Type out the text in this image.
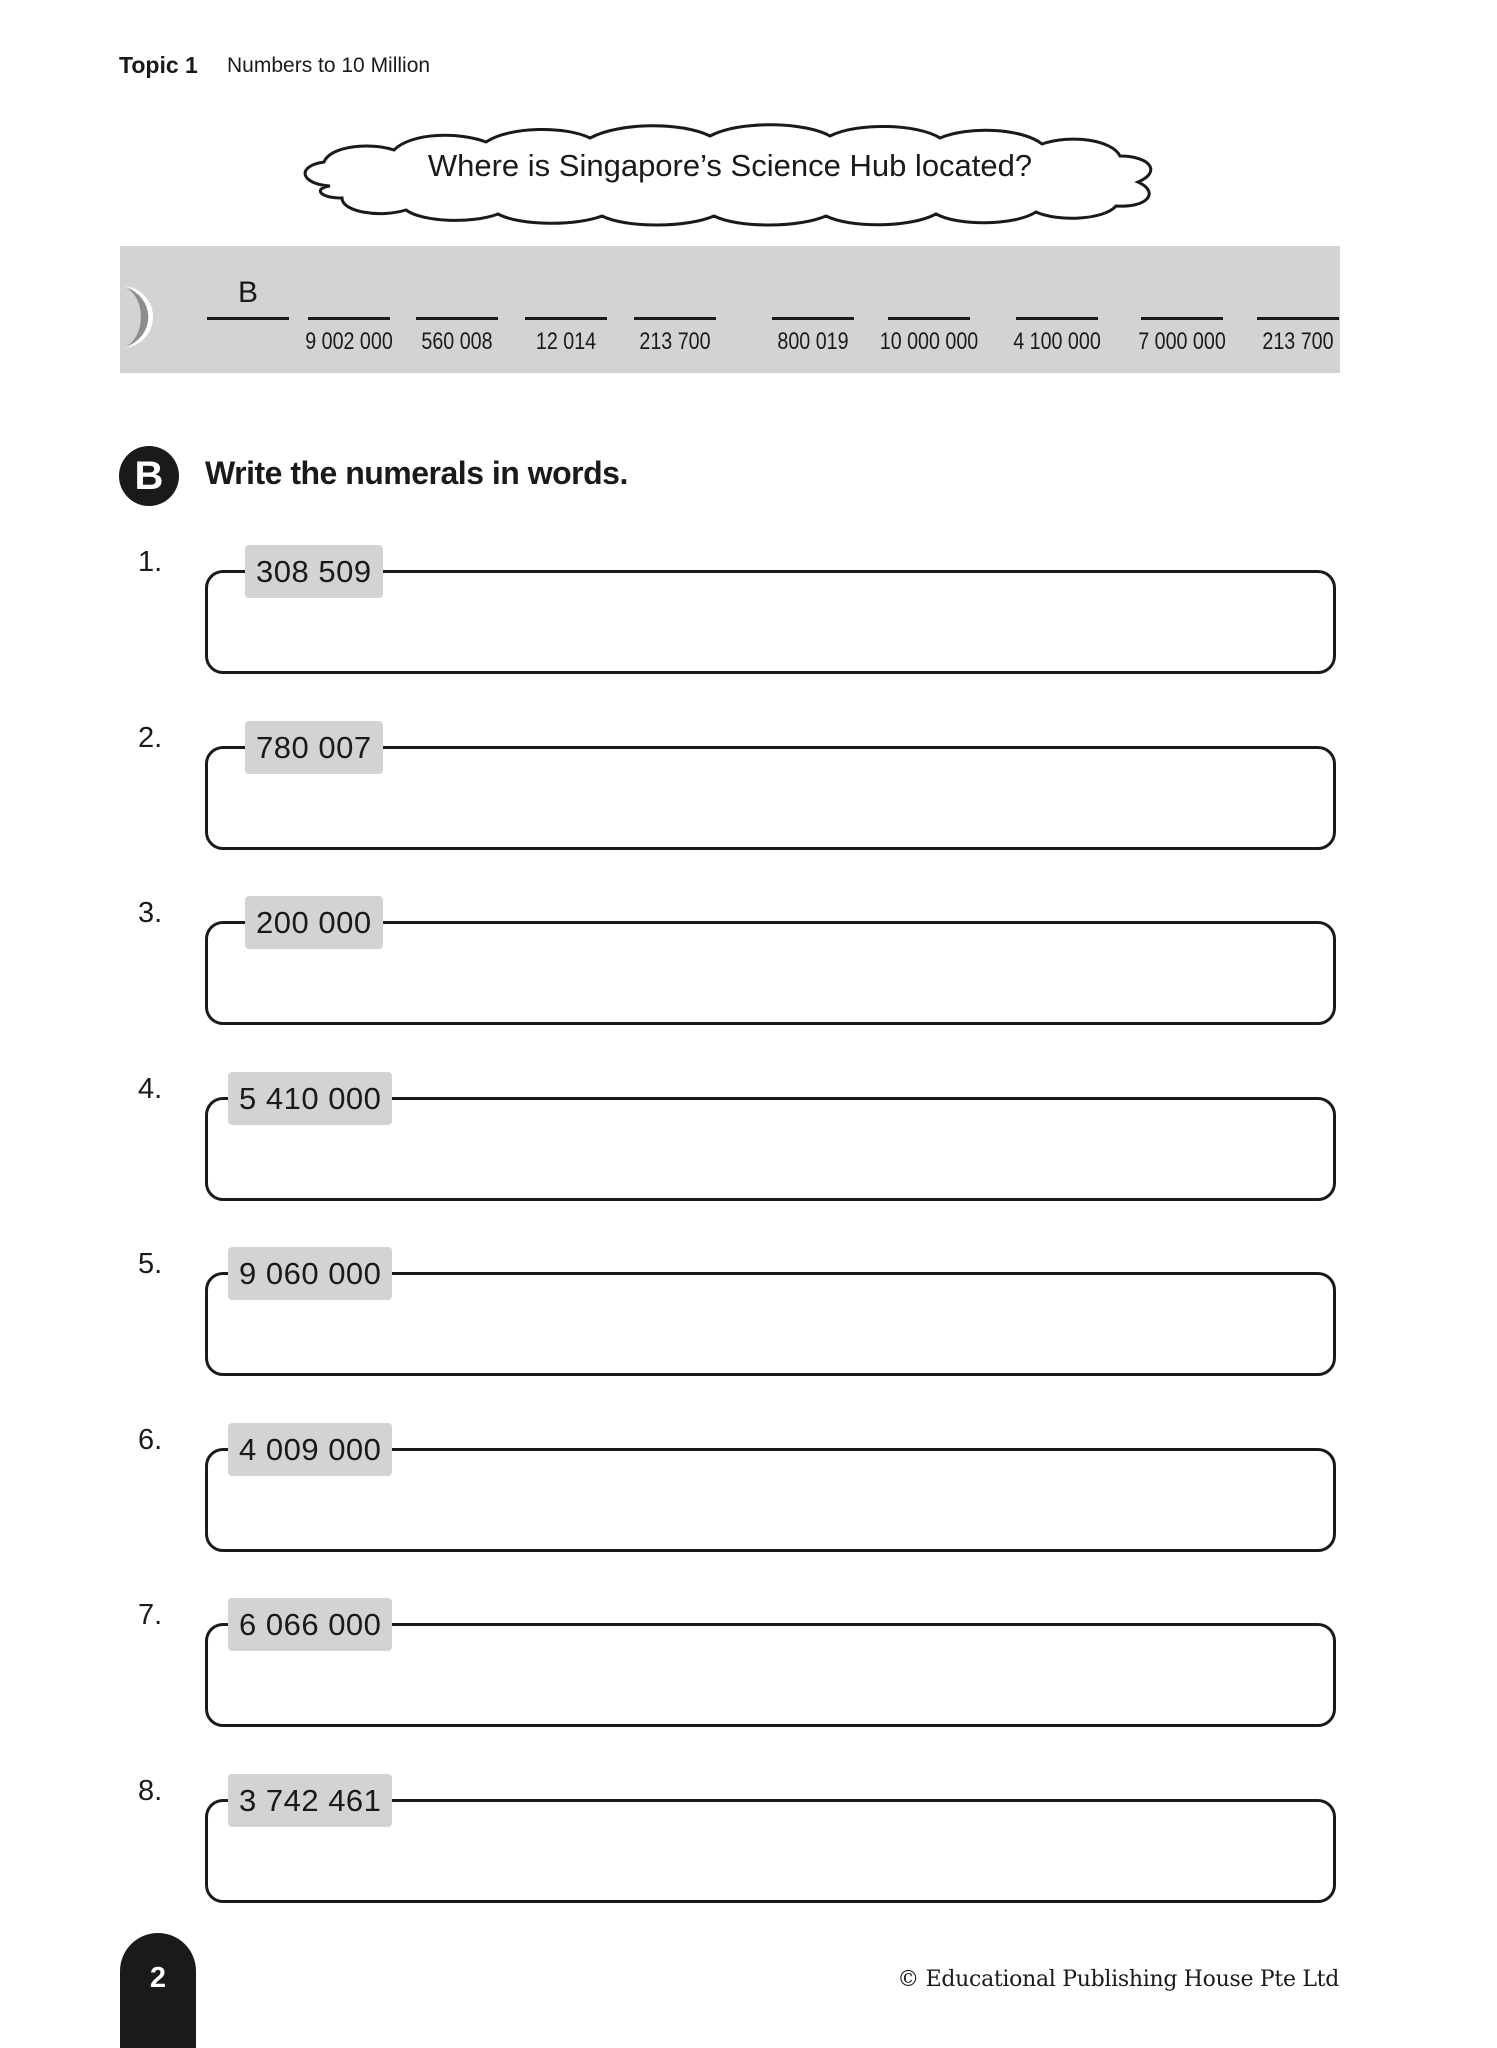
Topic 1 Numbers to 10 Million
Where is Singapore’s Science Hub located?
B
9 002 000	560 008	12 014	213 700	800 019	10 000 000	4 100 000	7 000 000	213 700
B	Write the numerals in words.
1.	308 509
2.	780 007
3.	200 000
4.	5 410 000
5.	9 060 000
6.	4 009 000
7.	6 066 000
8.	3 742 461
2	© Educational Publishing House Pte Ltd
